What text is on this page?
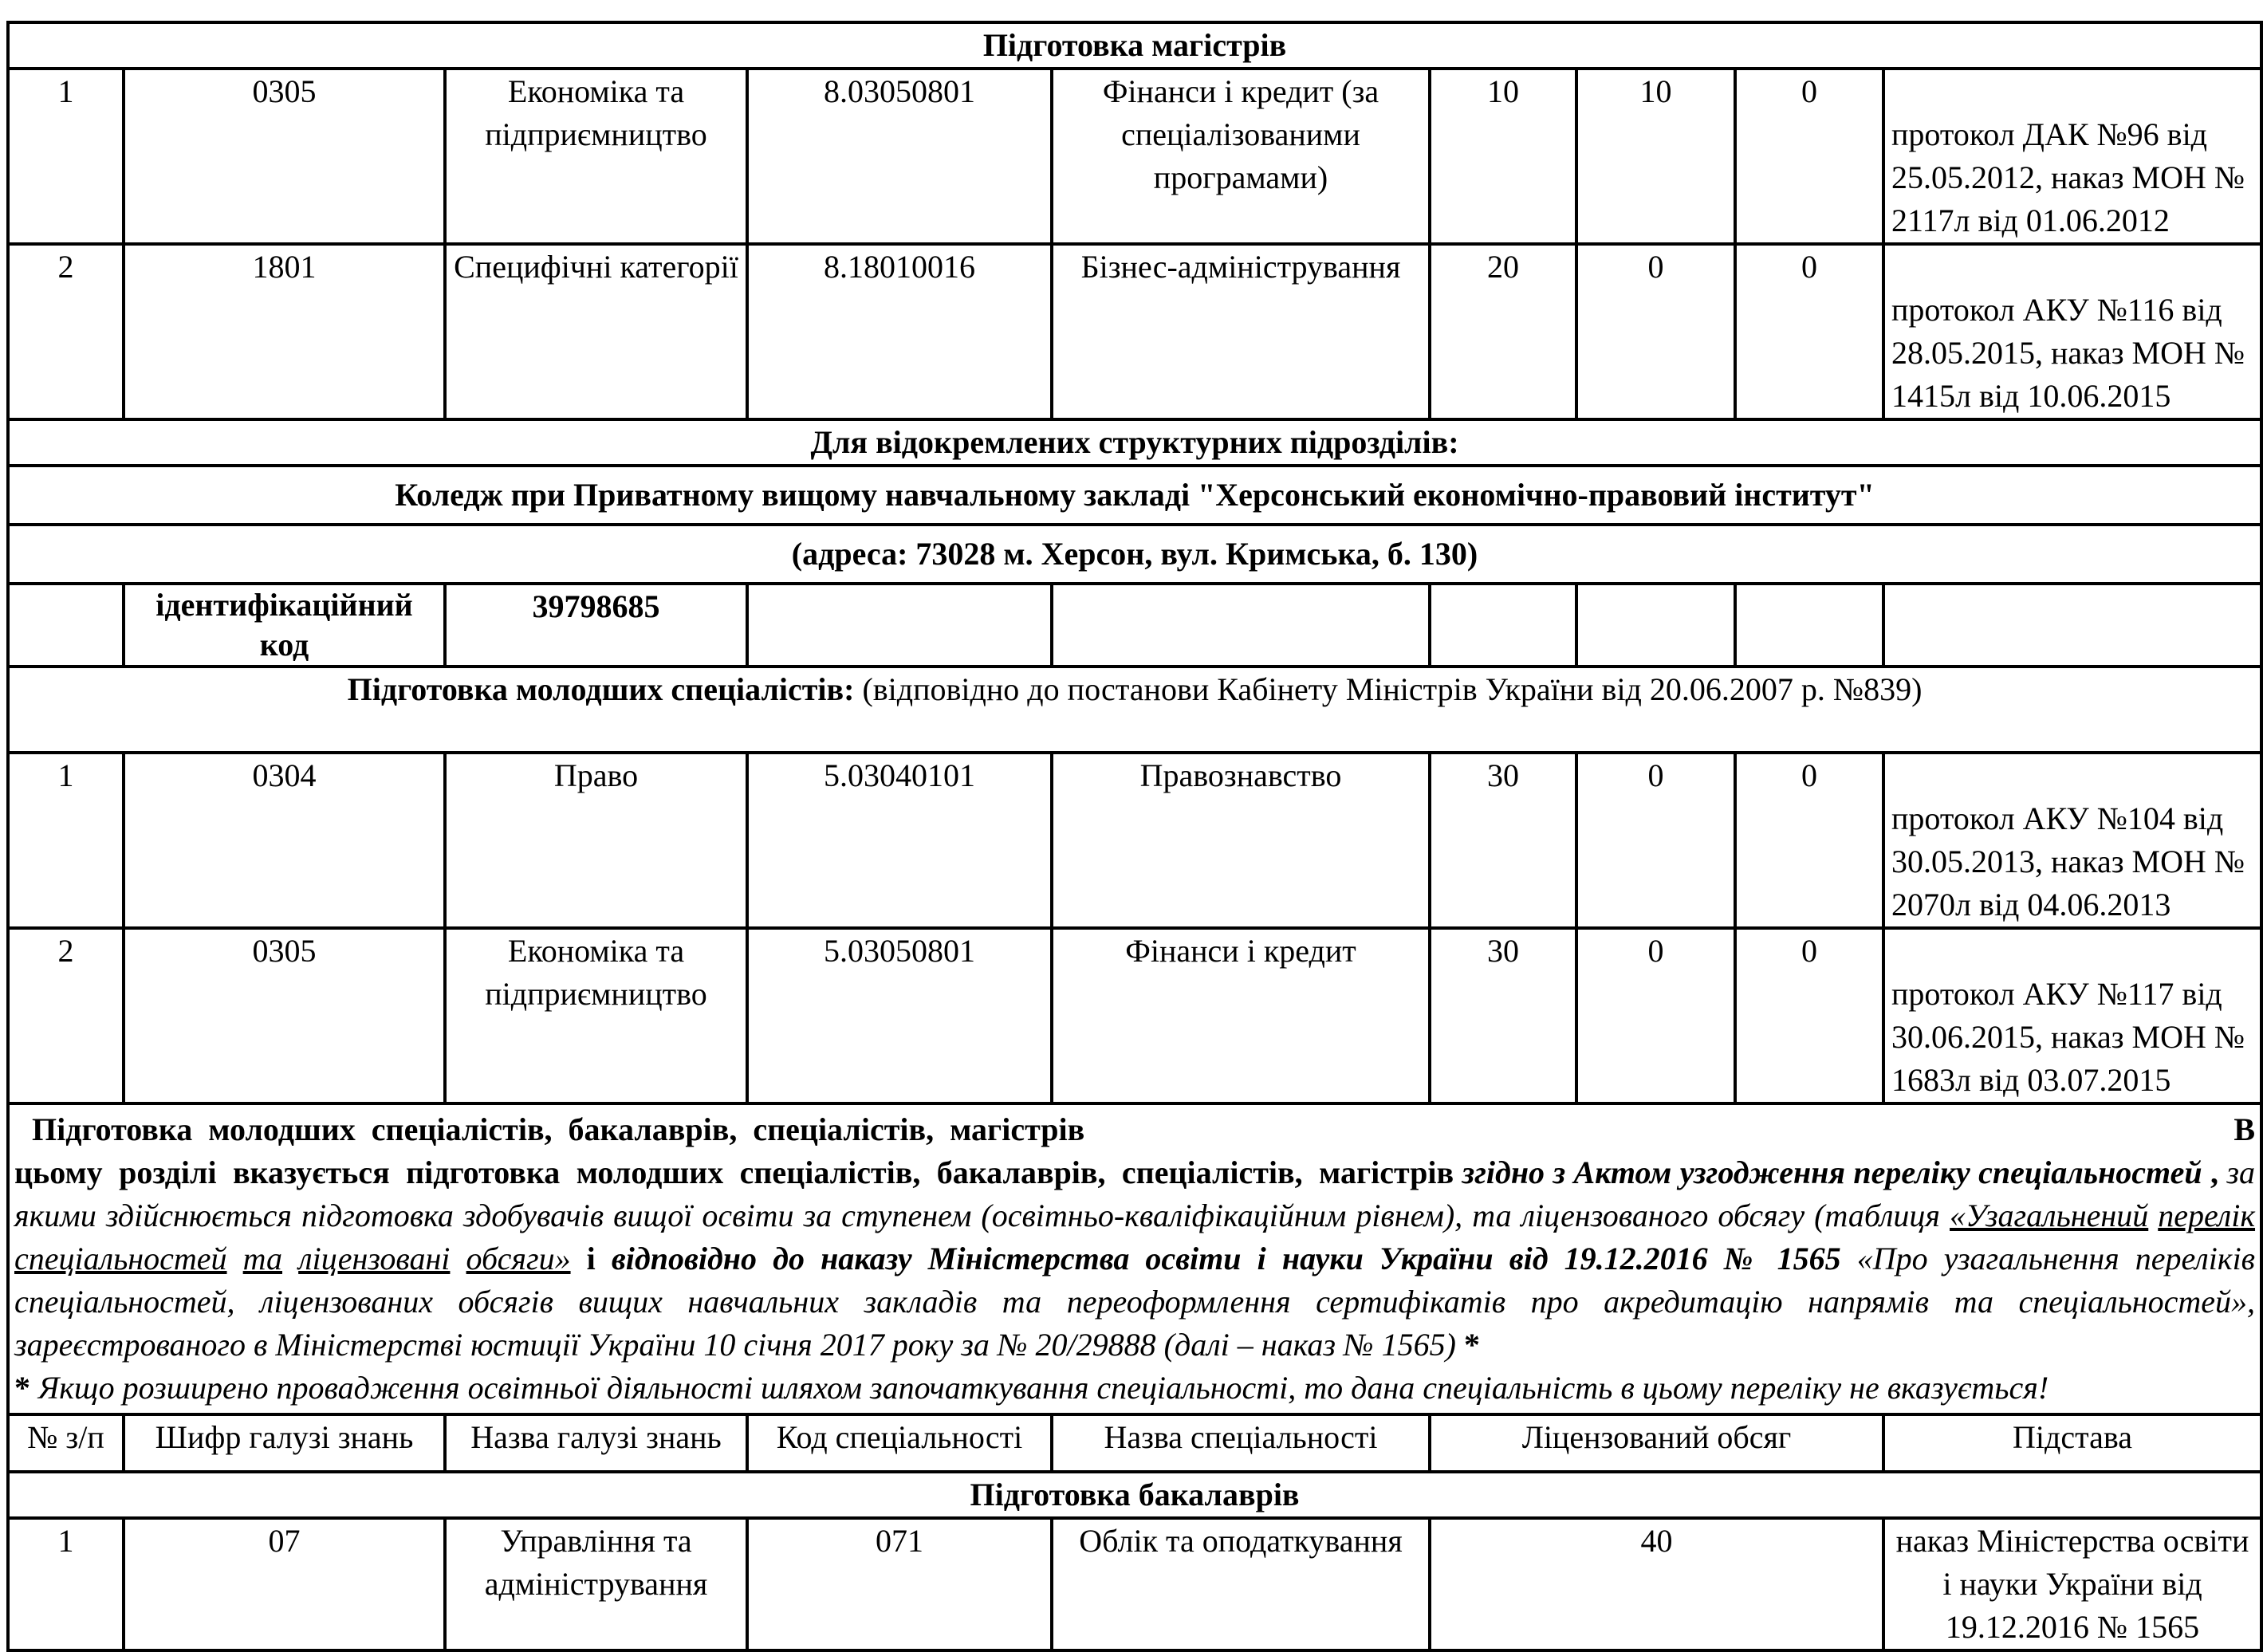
Підготовка магістрів								
1	0305	Економіка та підприємництво	8.03050801	Фінанси і кредит (за спеціалізованими програмами)	10	10	0	протокол ДАК №96 від 25.05.2012, наказ МОН № 2117л від 01.06.2012
2	1801	Специфічні категорії	8.18010016	Бізнес-адміністрування	20	0	0	протокол АКУ №116 від 28.05.2015, наказ МОН № 1415л від 10.06.2015
Для відокремлених структурних підрозділів:								
Коледж при Приватному вищому навчальному закладі "Херсонський економічно-правовий інститут"								
(адреса: 73028 м. Херсон, вул. Кримська, б. 130)								
	ідентифікаційний код	39798685						
Підготовка молодших спеціалістів: (відповідно до постанови Кабінету Міністрів України від 20.06.2007 р. №839)								
1	0304	Право	5.03040101	Правознавство	30	0	0	протокол АКУ №104 від 30.05.2013, наказ МОН № 2070л від 04.06.2013
2	0305	Економіка та підприємництво	5.03050801	Фінанси і кредит	30	0	0	протокол АКУ №117 від 30.06.2015, наказ МОН № 1683л від 03.07.2015

Підготовка молодших спеціалістів, бакалаврів, спеціалістів, магістрів В
цьому розділі вказується підготовка молодших спеціалістів, бакалаврів, спеціалістів, магістрів згідно з Актом узгодження переліку спеціальностей , за якими здійснюється підготовка здобувачів вищої освіти за ступенем (освітньо-кваліфікаційним рівнем), та ліцензованого обсягу (таблиця «Узагальнений перелік спеціальностей та ліцензовані обсяги» і відповідно до наказу Міністерства освіти і науки України від 19.12.2016 № 1565 «Про узагальнення переліків спеціальностей, ліцензованих обсягів вищих навчальних закладів та переоформлення сертифікатів про акредитацію напрямів та спеціальностей», зареєстрованого в Міністерстві юстиції України 10 січня 2017 року за № 20/29888 (далі – наказ № 1565) *
* Якщо розширено провадження освітньої діяльності шляхом започаткування спеціальності, то дана спеціальність в цьому переліку не вказується!								

№ з/п	Шифр галузі знань	Назва галузі знань	Код спеціальності	Назва спеціальності	Ліцензований обсяг			Підстава
Підготовка бакалаврів								
1	07	Управління та адміністрування	071	Облік та оподаткування	40			наказ Міністерства освіти і науки України від 19.12.2016 № 1565
